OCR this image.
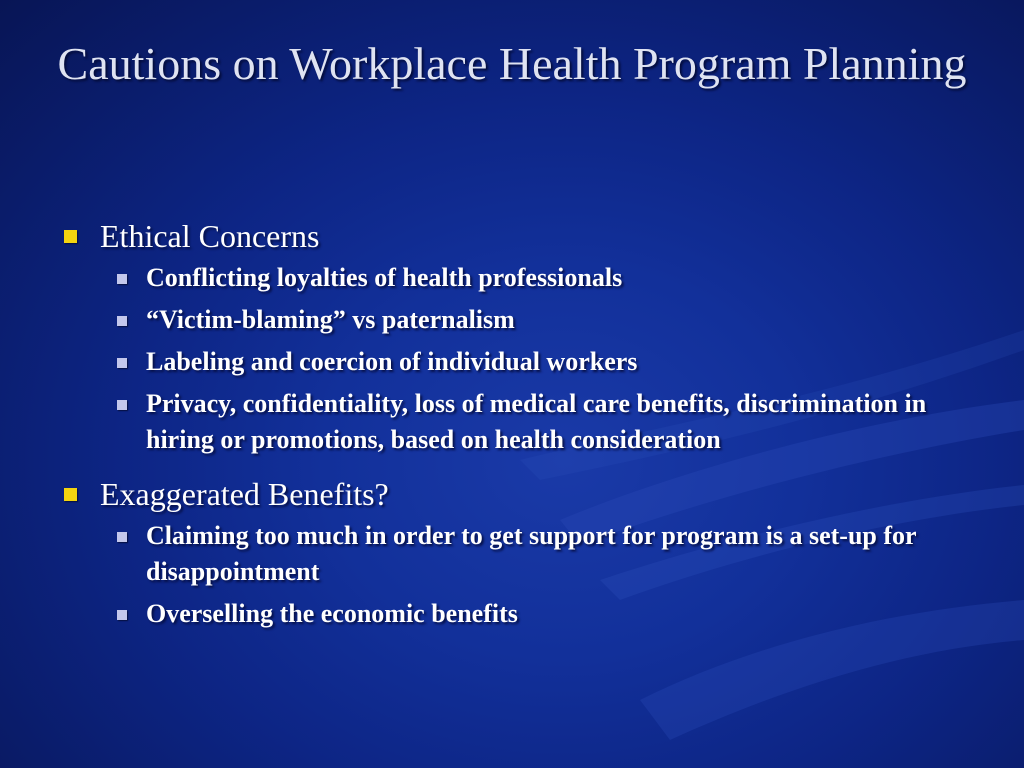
Cautions on Workplace Health Program Planning
Ethical Concerns
Conflicting loyalties of health professionals
“Victim-blaming” vs paternalism
Labeling and coercion of individual workers
Privacy, confidentiality, loss of medical care benefits, discrimination in hiring or promotions, based on health consideration
Exaggerated Benefits?
Claiming too much in order to get support for program is a set-up for disappointment
Overselling the economic benefits
